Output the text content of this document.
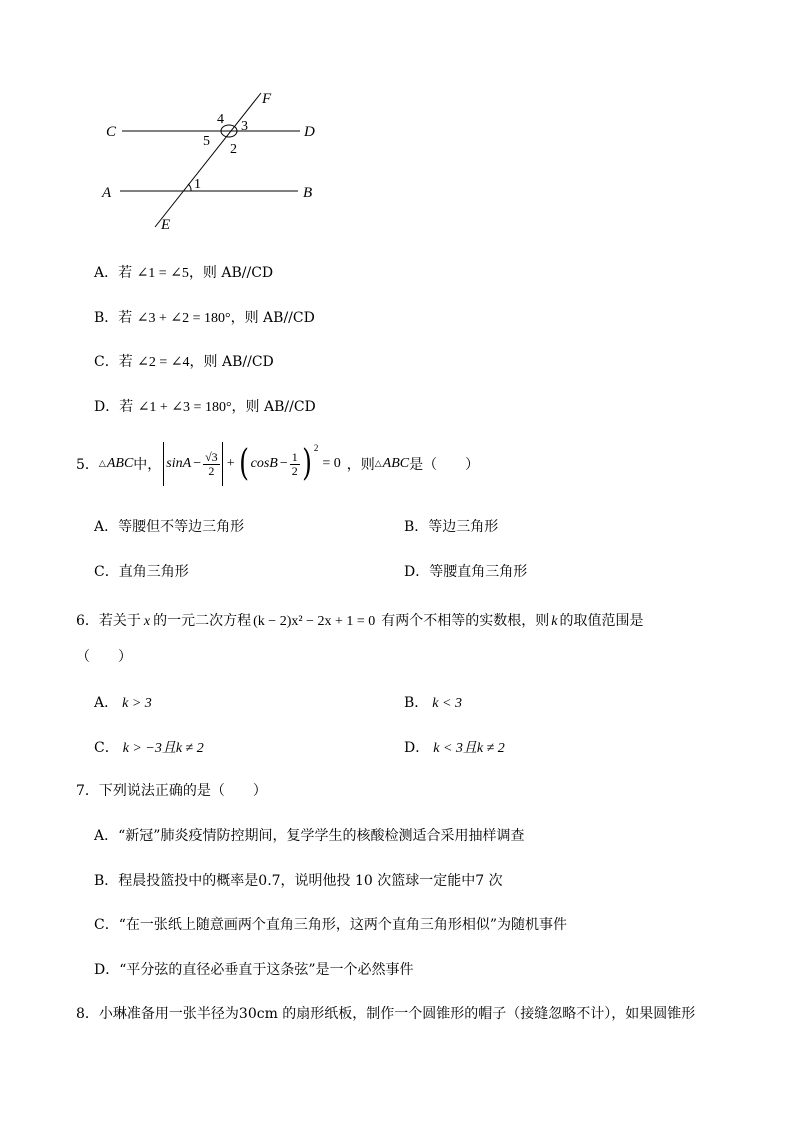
C	D
A	B
E
F
4 3
5
2
1
A．若 ∠1 = ∠5，则 AB//CD
B．若 ∠3 + ∠2 = 180°，则 AB//CD
C．若 ∠2 = ∠4，则 AB//CD
D．若 ∠1 + ∠3 = 180°，则 AB//CD
5． △ ABC 中， $\sin A - \frac{√3}{2}$ + ( $\cos B - \frac{1}{2} )^2$
= 0 ，则 △ ABC 是（　　）
A．等腰但不等边三角形	B．等边三角形
C．直角三角形	D．等腰直角三角形
6．若关于 x 的一元二次方程 (k − 2)x² − 2x + 1 = 0 有两个不相等的实数根，则 k 的取值范围是
（　　）
A． k > 3	B． k < 3
C． k > −3且k ≠ 2	D． k < 3且k ≠ 2
7．下列说法正确的是（　　）
A．“新冠”肺炎疫情防控期间，复学学生的核酸检测适合采用抽样调查
B．程晨投篮投中的概率是0.7，说明他投 10 次篮球一定能中7 次
C．“在一张纸上随意画两个直角三角形，这两个直角三角形相似”为随机事件
D．“平分弦的直径必垂直于这条弦”是一个必然事件
8．小琳准备用一张半径为30cm 的扇形纸板，制作一个圆锥形的帽子（接缝忽略不计），如果圆锥形
